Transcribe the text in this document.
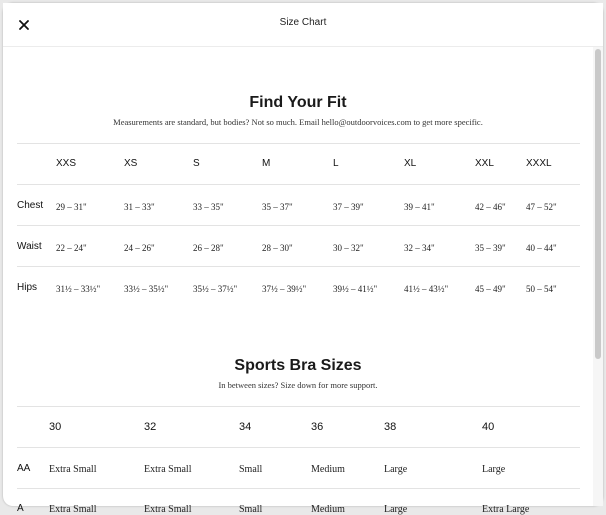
Size Chart
Find Your Fit
Measurements are standard, but bodies? Not so much. Email hello@outdoorvoices.com to get more specific.
XXS	XS	S	M	L	XL	XXL	XXXL
Chest 29 – 31"	31 – 33"	33 – 35"	35 – 37"	37 – 39"	39 – 41"	42 – 46" 47 – 52"
Waist 22 – 24"	24 – 26"	26 – 28"	28 – 30"	30 – 32"	32 – 34"	35 – 39" 40 – 44"
Hips 31½ – 33½"	33½ – 35½"	35½ – 37½"	37½ – 39½"	39½ – 41½"	41½ – 43½"	45 – 49" 50 – 54"
Sports Bra Sizes
In between sizes? Size down for more support.
30	32	34	36	38	40
AA Extra Small	Extra Small	Small	Medium	Large	Large
A	Extra Small	Extra Small	Small	Medium	Large	Extra Large
